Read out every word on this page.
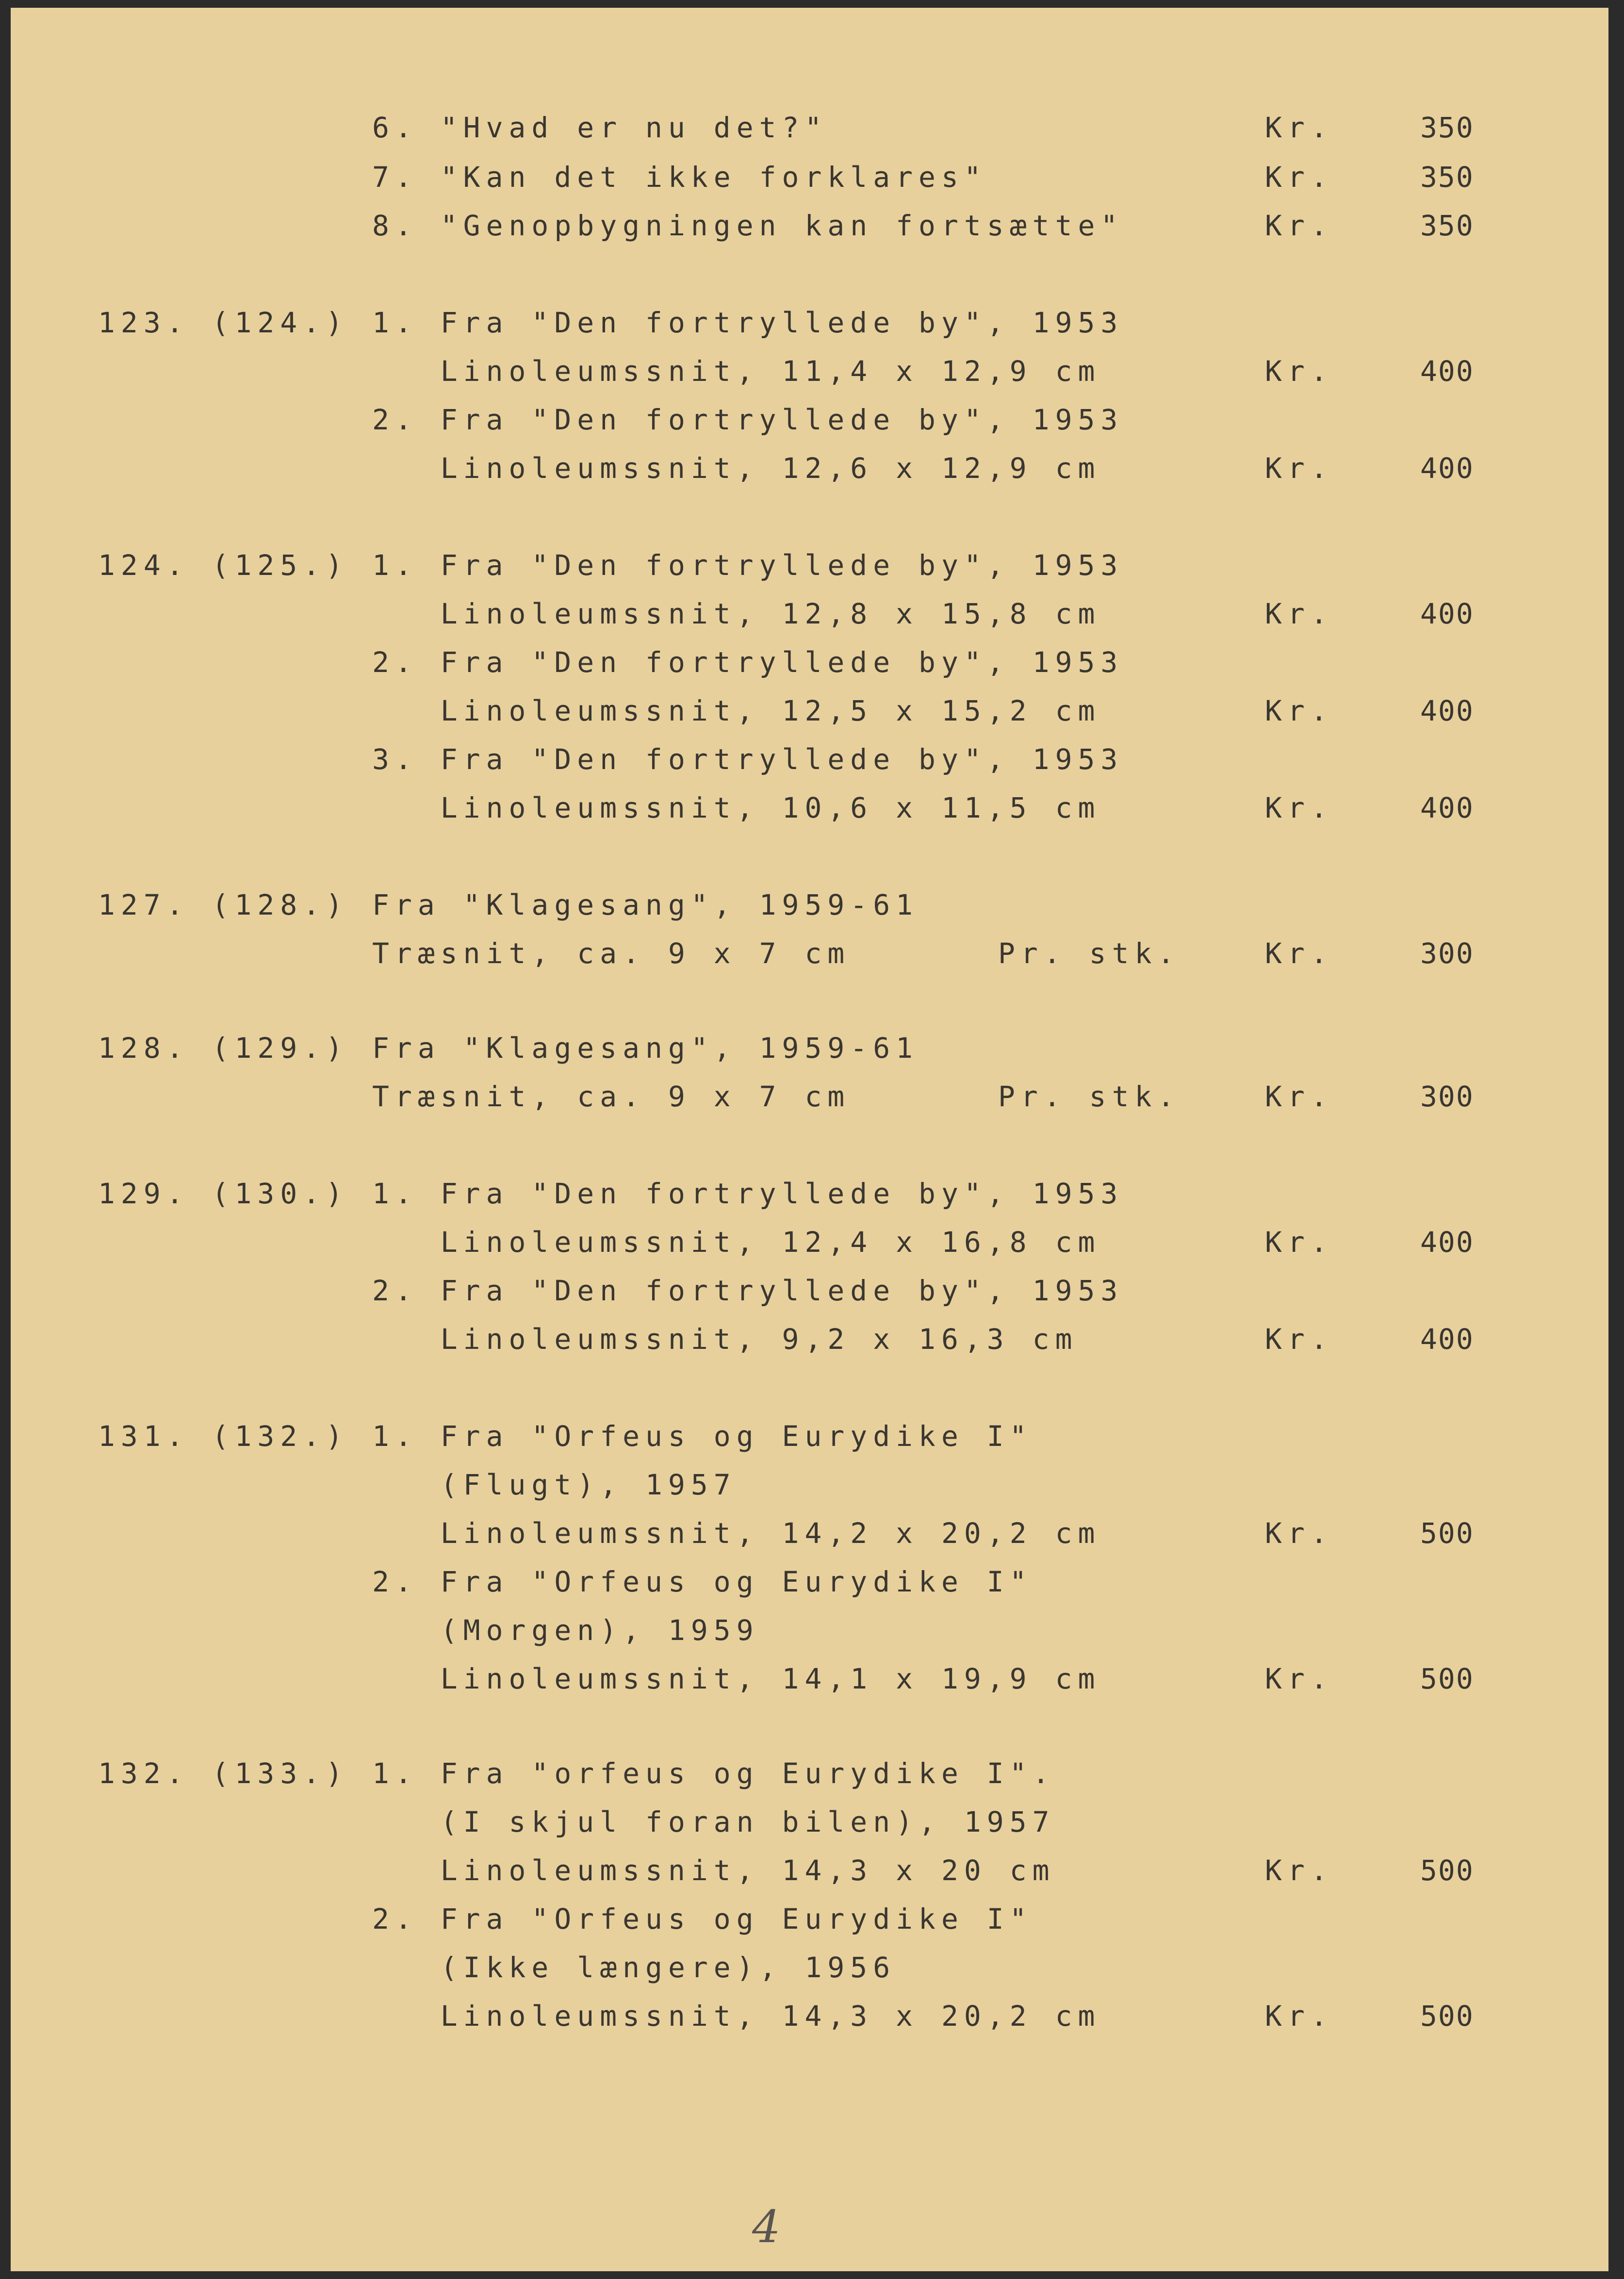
6. "Hvad er nu det?"	Kr.	350
7. "Kan det ikke forklares"	Kr.	350
8. "Genopbygningen kan fortsætte"	Kr.	350
123. (124.) 1. Fra "Den fortryllede by", 1953
Linoleumssnit, 11,4 x 12,9 cm	Kr.	400
2. Fra "Den fortryllede by", 1953
Linoleumssnit, 12,6 x 12,9 cm	Kr.	400
124. (125.) 1. Fra "Den fortryllede by", 1953
Linoleumssnit, 12,8 x 15,8 cm	Kr.	400
2. Fra "Den fortryllede by", 1953
Linoleumssnit, 12,5 x 15,2 cm	Kr.	400
3. Fra "Den fortryllede by", 1953
Linoleumssnit, 10,6 x 11,5 cm	Kr.	400
127. (128.) Fra "Klagesang", 1959-61
Træsnit, ca. 9 x 7 cm	Pr. stk.	Kr.	300
128. (129.) Fra "Klagesang", 1959-61
Træsnit, ca. 9 x 7 cm	Pr. stk.	Kr.	300
129. (130.) 1. Fra "Den fortryllede by", 1953
Linoleumssnit, 12,4 x 16,8 cm	Kr.	400
2. Fra "Den fortryllede by", 1953
Linoleumssnit, 9,2 x 16,3 cm	Kr.	400
131. (132.) 1. Fra "Orfeus og Eurydike I"
(Flugt), 1957
Linoleumssnit, 14,2 x 20,2 cm	Kr.	500
2. Fra "Orfeus og Eurydike I"
(Morgen), 1959
Linoleumssnit, 14,1 x 19,9 cm	Kr.	500
132. (133.) 1. Fra "orfeus og Eurydike I".
(I skjul foran bilen), 1957
Linoleumssnit, 14,3 x 20 cm	Kr.	500
2. Fra "Orfeus og Eurydike I"
(Ikke længere), 1956
Linoleumssnit, 14,3 x 20,2 cm	Kr.	500
4
